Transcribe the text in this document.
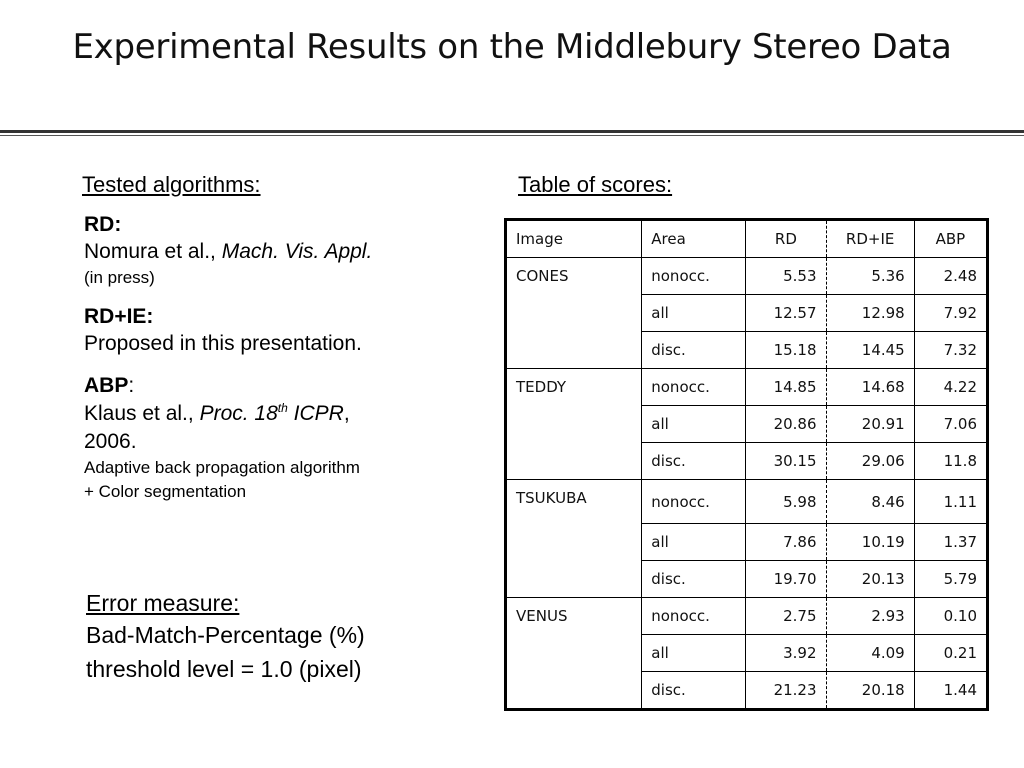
Experimental Results on the Middlebury Stereo Data
Tested algorithms:	Table of scores:
RD:
Nomura et al., Mach. Vis. Appl.
(in press)
RD+IE:
Proposed in this presentation.
ABP:
Klaus et al., Proc. 18th ICPR,
2006.
Adaptive back propagation algorithm
+ Color segmentation
Error measure:
Bad-Match-Percentage (%)
threshold level = 1.0 (pixel)
Image	Area	RD	RD+IE	ABP
CONES	nonocc.	5.53	5.36	2.48
	all	12.57	12.98	7.92
	disc.	15.18	14.45	7.32
TEDDY	nonocc.	14.85	14.68	4.22
	all	20.86	20.91	7.06
	disc.	30.15	29.06	11.8
TSUKUBA	nonocc.	5.98	8.46	1.11
	all	7.86	10.19	1.37
	disc.	19.70	20.13	5.79
VENUS	nonocc.	2.75	2.93	0.10
	all	3.92	4.09	0.21
	disc.	21.23	20.18	1.44
